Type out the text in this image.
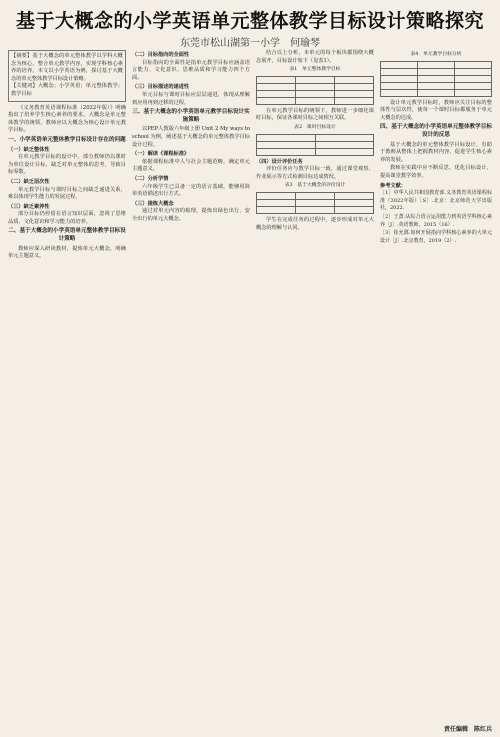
基于大概念的小学英语单元整体教学目标设计策略探究
东莞市松山湖第一小学　何瑜琴
【摘要】基于大概念的单元整体教学以学科大概念为核心，整合单元教学内容，实现学科核心素养的培养。本文以小学英语为例，探讨基于大概念的单元整体教学目标设计策略。
【关键词】大概念；小学英语；单元整体教学；教学目标

《义务教育英语课程标准（2022年版）》明确指出了培养学生核心素养的要求。大概念是单元整体教学的统领，教师应以大概念为核心设计单元教学目标。

一、小学英语单元整体教学目标设计存在的问题
（一）缺乏整体性

在单元教学目标的设计中，部分教师仍以课时为单位设计目标，缺乏对单元整体的思考，导致目标零散。

（二）缺乏层次性

单元教学目标与课时目标之间缺乏递进关系，难以体现学生能力的发展过程。

（三）缺乏素养性

部分目标仍停留在语言知识层面，忽视了思维品质、文化意识和学习能力的培养。

二、基于大概念的小学英语单元整体教学目标设计策略

教师应深入研读教材，提炼单元大概念，明确单元主题意义。

（二）目标指向的全面性

目标指向的全面性是指单元教学目标应涵盖语言能力、文化意识、思维品质和学习能力四个方面。

（三）目标描述的递进性

单元目标与课时目标应层层递进，体现从理解到应用再到迁移的过程。

三、基于大概念的小学英语单元教学目标设计实施策略

以PEP人教版六年级上册 Unit 2 My ways to school 为例，阐述基于大概念的单元整体教学目标设计过程。

（一）解读《课程标准》

依据课程标准中人与社会主题范畴，确定单元主题意义。

（二）分析学情

六年级学生已具备一定的语言基础，能够用简单英语描述出行方式。

（三）提炼大概念

通过对单元内容的梳理，提炼出绿色出行、安全出行的单元大概念。

结合以上分析，本单元的每个板块都围绕大概念展开，目标设计如下（见表1）。

表1　单元整体教学目标

在单元教学目标的统领下，教师进一步细化课时目标，保证各课时目标之间相互关联。

表2　课时目标设计

（四）设计评价任务

评价任务应与教学目标一致，通过课堂观察、作业展示等方式检测目标达成情况。

表3　基于大概念的评价设计

学生在完成任务的过程中，逐步形成对单元大概念的理解与认同。

表4　单元教学目标分析

设计单元教学目标时，教师应关注目标的整体性与层次性，使每一个课时目标都服务于单元大概念的达成。

四、基于大概念的小学英语单元整体教学目标设计的反思

基于大概念的单元整体教学目标设计，有助于教师从整体上把握教材内容，促进学生核心素养的发展。

教师在实践中应不断反思，优化目标设计，提高课堂教学效率。

参考文献：

［1］中华人民共和国教育部.义务教育英语课程标准（2022年版）［S］.北京：北京师范大学出版社，2022.

［2］王蔷.从综合语言运用能力到英语学科核心素养［J］.英语教师，2015（16）.

［3］崔允漷.如何开展指向学科核心素养的大单元设计［J］.北京教育，2019（2）.

责任编辑　陈红兵
